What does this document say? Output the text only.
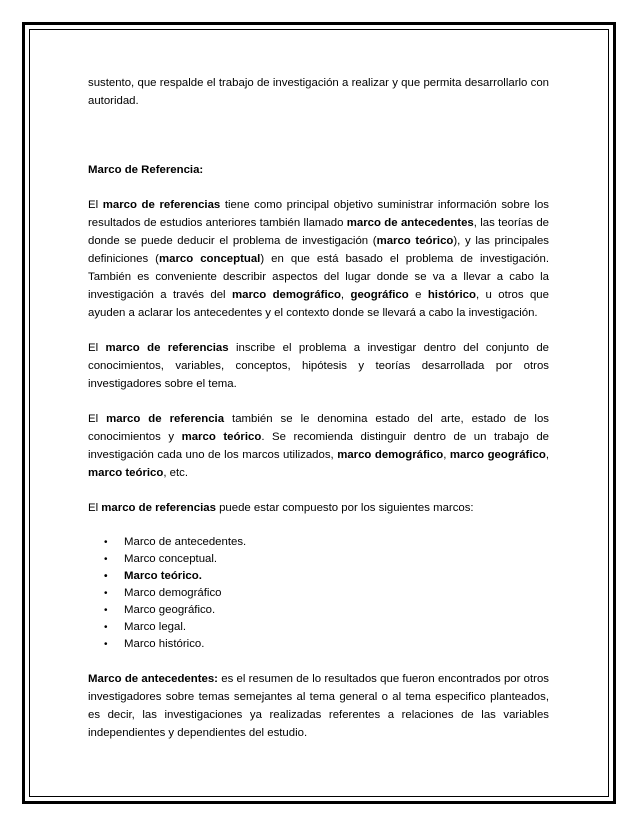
sustento, que respalde el trabajo de investigación a realizar y que permita desarrollarlo con autoridad.

Marco de Referencia:

El marco de referencias tiene como principal objetivo suministrar información sobre los resultados de estudios anteriores también llamado marco de antecedentes, las teorías de donde se puede deducir el problema de investigación (marco teórico), y las principales definiciones (marco conceptual) en que está basado el problema de investigación. También es conveniente describir aspectos del lugar donde se va a llevar a cabo la investigación a través del marco demográfico, geográfico e histórico, u otros que ayuden a aclarar los antecedentes y el contexto donde se llevará a cabo la investigación.

El marco de referencias inscribe el problema a investigar dentro del conjunto de conocimientos, variables, conceptos, hipótesis y teorías desarrollada por otros investigadores sobre el tema.

El marco de referencia también se le denomina estado del arte, estado de los conocimientos y marco teórico. Se recomienda distinguir dentro de un trabajo de investigación cada uno de los marcos utilizados, marco demográfico, marco geográfico, marco teórico, etc.

El marco de referencias puede estar compuesto por los siguientes marcos:

• Marco de antecedentes.
• Marco conceptual.
• Marco teórico.
• Marco demográfico
• Marco geográfico.
• Marco legal.
• Marco histórico.

Marco de antecedentes: es el resumen de lo resultados que fueron encontrados por otros investigadores sobre temas semejantes al tema general o al tema especifico planteados, es decir, las investigaciones ya realizadas referentes a relaciones de las variables independientes y dependientes del estudio.
